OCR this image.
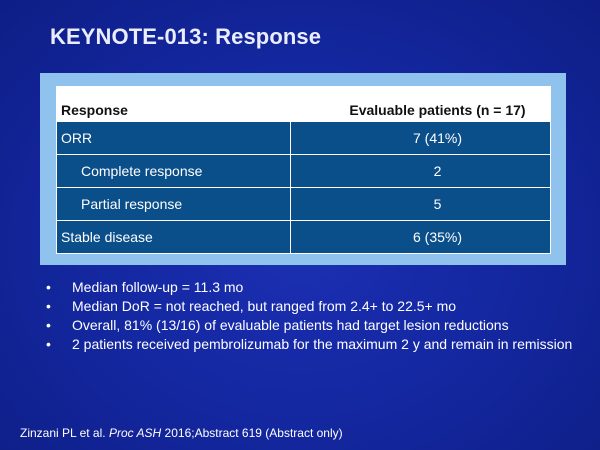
KEYNOTE-013: Response
Response	Evaluable patients (n = 17)
ORR	7 (41%)
Complete response	2
Partial response	5
Stable disease	6 (35%)
•	Median follow-up = 11.3 mo
•	Median DoR = not reached, but ranged from 2.4+ to 22.5+ mo
•	Overall, 81% (13/16) of evaluable patients had target lesion reductions
•	2 patients received pembrolizumab for the maximum 2 y and remain in remission
Zinzani PL et al. Proc ASH 2016;Abstract 619 (Abstract only)
